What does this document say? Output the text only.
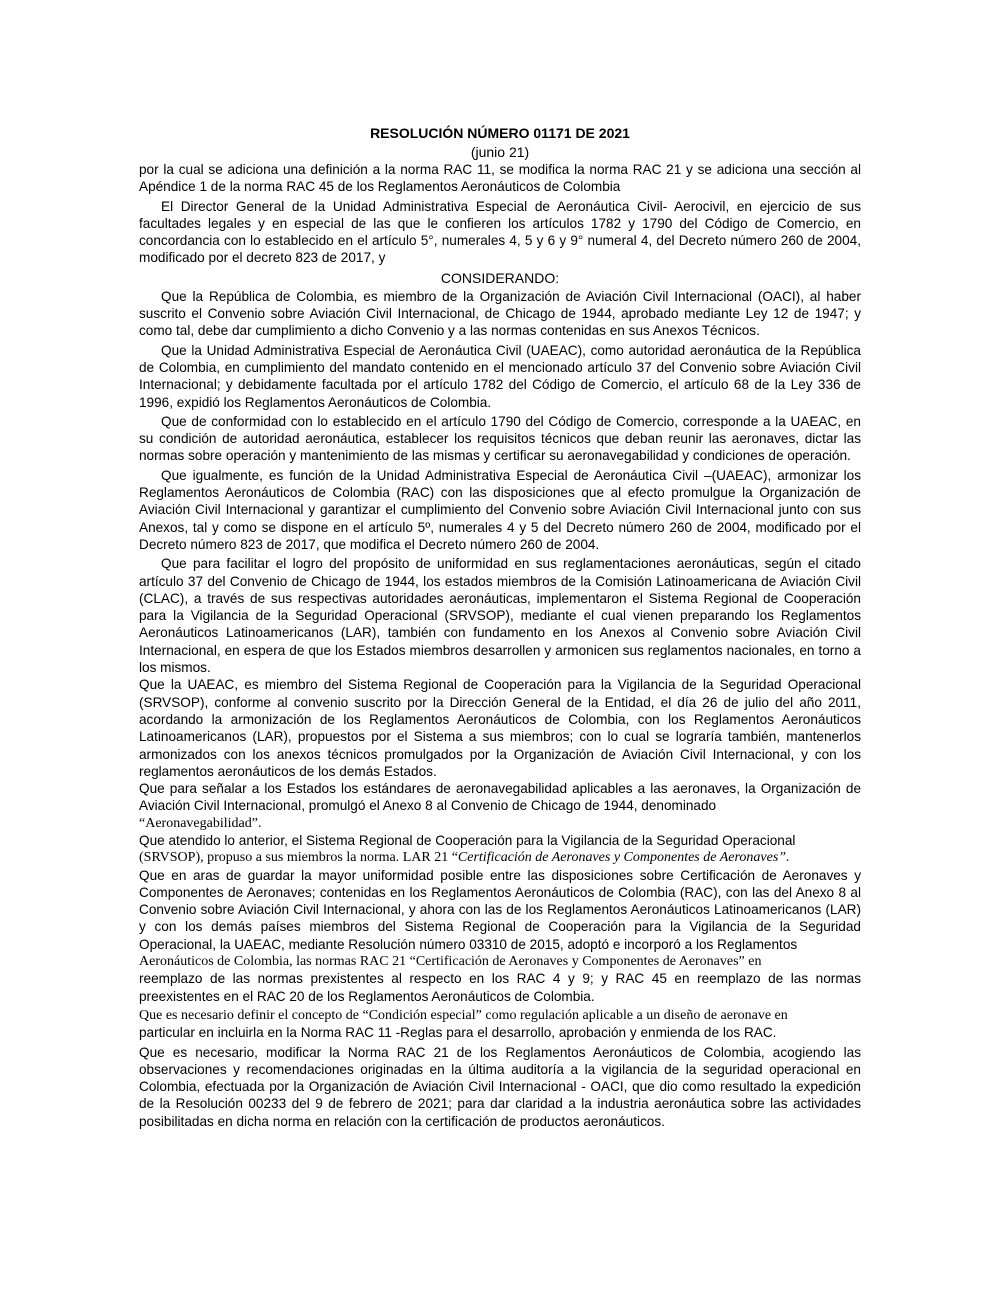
RESOLUCIÓN NÚMERO 01171 DE 2021
(junio 21)

por la cual se adiciona una definición a la norma RAC 11, se modifica la norma RAC 21 y se adiciona una sección al Apéndice 1 de la norma RAC 45 de los Reglamentos Aeronáuticos de Colombia

El Director General de la Unidad Administrativa Especial de Aeronáutica Civil- Aerocivil, en ejercicio de sus facultades legales y en especial de las que le confieren los artículos 1782 y 1790 del Código de Comercio, en concordancia con lo establecido en el artículo 5°, numerales 4, 5 y 6 y 9° numeral 4, del Decreto número 260 de 2004, modificado por el decreto 823 de 2017, y

CONSIDERANDO:

Que la República de Colombia, es miembro de la Organización de Aviación Civil Internacional (OACI), al haber suscrito el Convenio sobre Aviación Civil Internacional, de Chicago de 1944, aprobado mediante Ley 12 de 1947; y como tal, debe dar cumplimiento a dicho Convenio y a las normas contenidas en sus Anexos Técnicos.

Que la Unidad Administrativa Especial de Aeronáutica Civil (UAEAC), como autoridad aeronáutica de la República de Colombia, en cumplimiento del mandato contenido en el mencionado artículo 37 del Convenio sobre Aviación Civil Internacional; y debidamente facultada por el artículo 1782 del Código de Comercio, el artículo 68 de la Ley 336 de 1996, expidió los Reglamentos Aeronáuticos de Colombia.

Que de conformidad con lo establecido en el artículo 1790 del Código de Comercio, corresponde a la UAEAC, en su condición de autoridad aeronáutica, establecer los requisitos técnicos que deban reunir las aeronaves, dictar las normas sobre operación y mantenimiento de las mismas y certificar su aeronavegabilidad y condiciones de operación.

Que igualmente, es función de la Unidad Administrativa Especial de Aeronáutica Civil –(UAEAC), armonizar los Reglamentos Aeronáuticos de Colombia (RAC) con las disposiciones que al efecto promulgue la Organización de Aviación Civil Internacional y garantizar el cumplimiento del Convenio sobre Aviación Civil Internacional junto con sus Anexos, tal y como se dispone en el artículo 5º, numerales 4 y 5 del Decreto número 260 de 2004, modificado por el Decreto número 823 de 2017, que modifica el Decreto número 260 de 2004.

Que para facilitar el logro del propósito de uniformidad en sus reglamentaciones aeronáuticas, según el citado artículo 37 del Convenio de Chicago de 1944, los estados miembros de la Comisión Latinoamericana de Aviación Civil (CLAC), a través de sus respectivas autoridades aeronáuticas, implementaron el Sistema Regional de Cooperación para la Vigilancia de la Seguridad Operacional (SRVSOP), mediante el cual vienen preparando los Reglamentos Aeronáuticos Latinoamericanos (LAR), también con fundamento en los Anexos al Convenio sobre Aviación Civil Internacional, en espera de que los Estados miembros desarrollen y armonicen sus reglamentos nacionales, en torno a los mismos.

Que la UAEAC, es miembro del Sistema Regional de Cooperación para la Vigilancia de la Seguridad Operacional (SRVSOP), conforme al convenio suscrito por la Dirección General de la Entidad, el día 26 de julio del año 2011, acordando la armonización de los Reglamentos Aeronáuticos de Colombia, con los Reglamentos Aeronáuticos Latinoamericanos (LAR), propuestos por el Sistema a sus miembros; con lo cual se lograría también, mantenerlos armonizados con los anexos técnicos promulgados por la Organización de Aviación Civil Internacional, y con los reglamentos aeronáuticos de los demás Estados.

Que para señalar a los Estados los estándares de aeronavegabilidad aplicables a las aeronaves, la Organización de Aviación Civil Internacional, promulgó el Anexo 8 al Convenio de Chicago de 1944, denominado

“Aeronavegabilidad”.

Que atendido lo anterior, el Sistema Regional de Cooperación para la Vigilancia de la Seguridad Operacional

(SRVSOP), propuso a sus miembros la norma. LAR 21 “Certificación de Aeronaves y Componentes de Aeronaves”.

Que en aras de guardar la mayor uniformidad posible entre las disposiciones sobre Certificación de Aeronaves y Componentes de Aeronaves; contenidas en los Reglamentos Aeronáuticos de Colombia (RAC), con las del Anexo 8 al Convenio sobre Aviación Civil Internacional, y ahora con las de los Reglamentos Aeronáuticos Latinoamericanos (LAR) y con los demás países miembros del Sistema Regional de Cooperación para la Vigilancia de la Seguridad Operacional, la UAEAC, mediante Resolución número 03310 de 2015, adoptó e incorporó a los Reglamentos

Aeronáuticos de Colombia, las normas RAC 21 “Certificación de Aeronaves y Componentes de Aeronaves” en

reemplazo de las normas prexistentes al respecto en los RAC 4 y 9; y RAC 45 en reemplazo de las normas preexistentes en el RAC 20 de los Reglamentos Aeronáuticos de Colombia.

Que es necesario definir el concepto de “Condición especial” como regulación aplicable a un diseño de aeronave en

particular en incluirla en la Norma RAC 11 -Reglas para el desarrollo, aprobación y enmienda de los RAC.

Que es necesario, modificar la Norma RAC 21 de los Reglamentos Aeronáuticos de Colombia, acogiendo las observaciones y recomendaciones originadas en la última auditoría a la vigilancia de la seguridad operacional en Colombia, efectuada por la Organización de Aviación Civil Internacional - OACI, que dio como resultado la expedición de la Resolución 00233 del 9 de febrero de 2021; para dar claridad a la industria aeronáutica sobre las actividades posibilitadas en dicha norma en relación con la certificación de productos aeronáuticos.
